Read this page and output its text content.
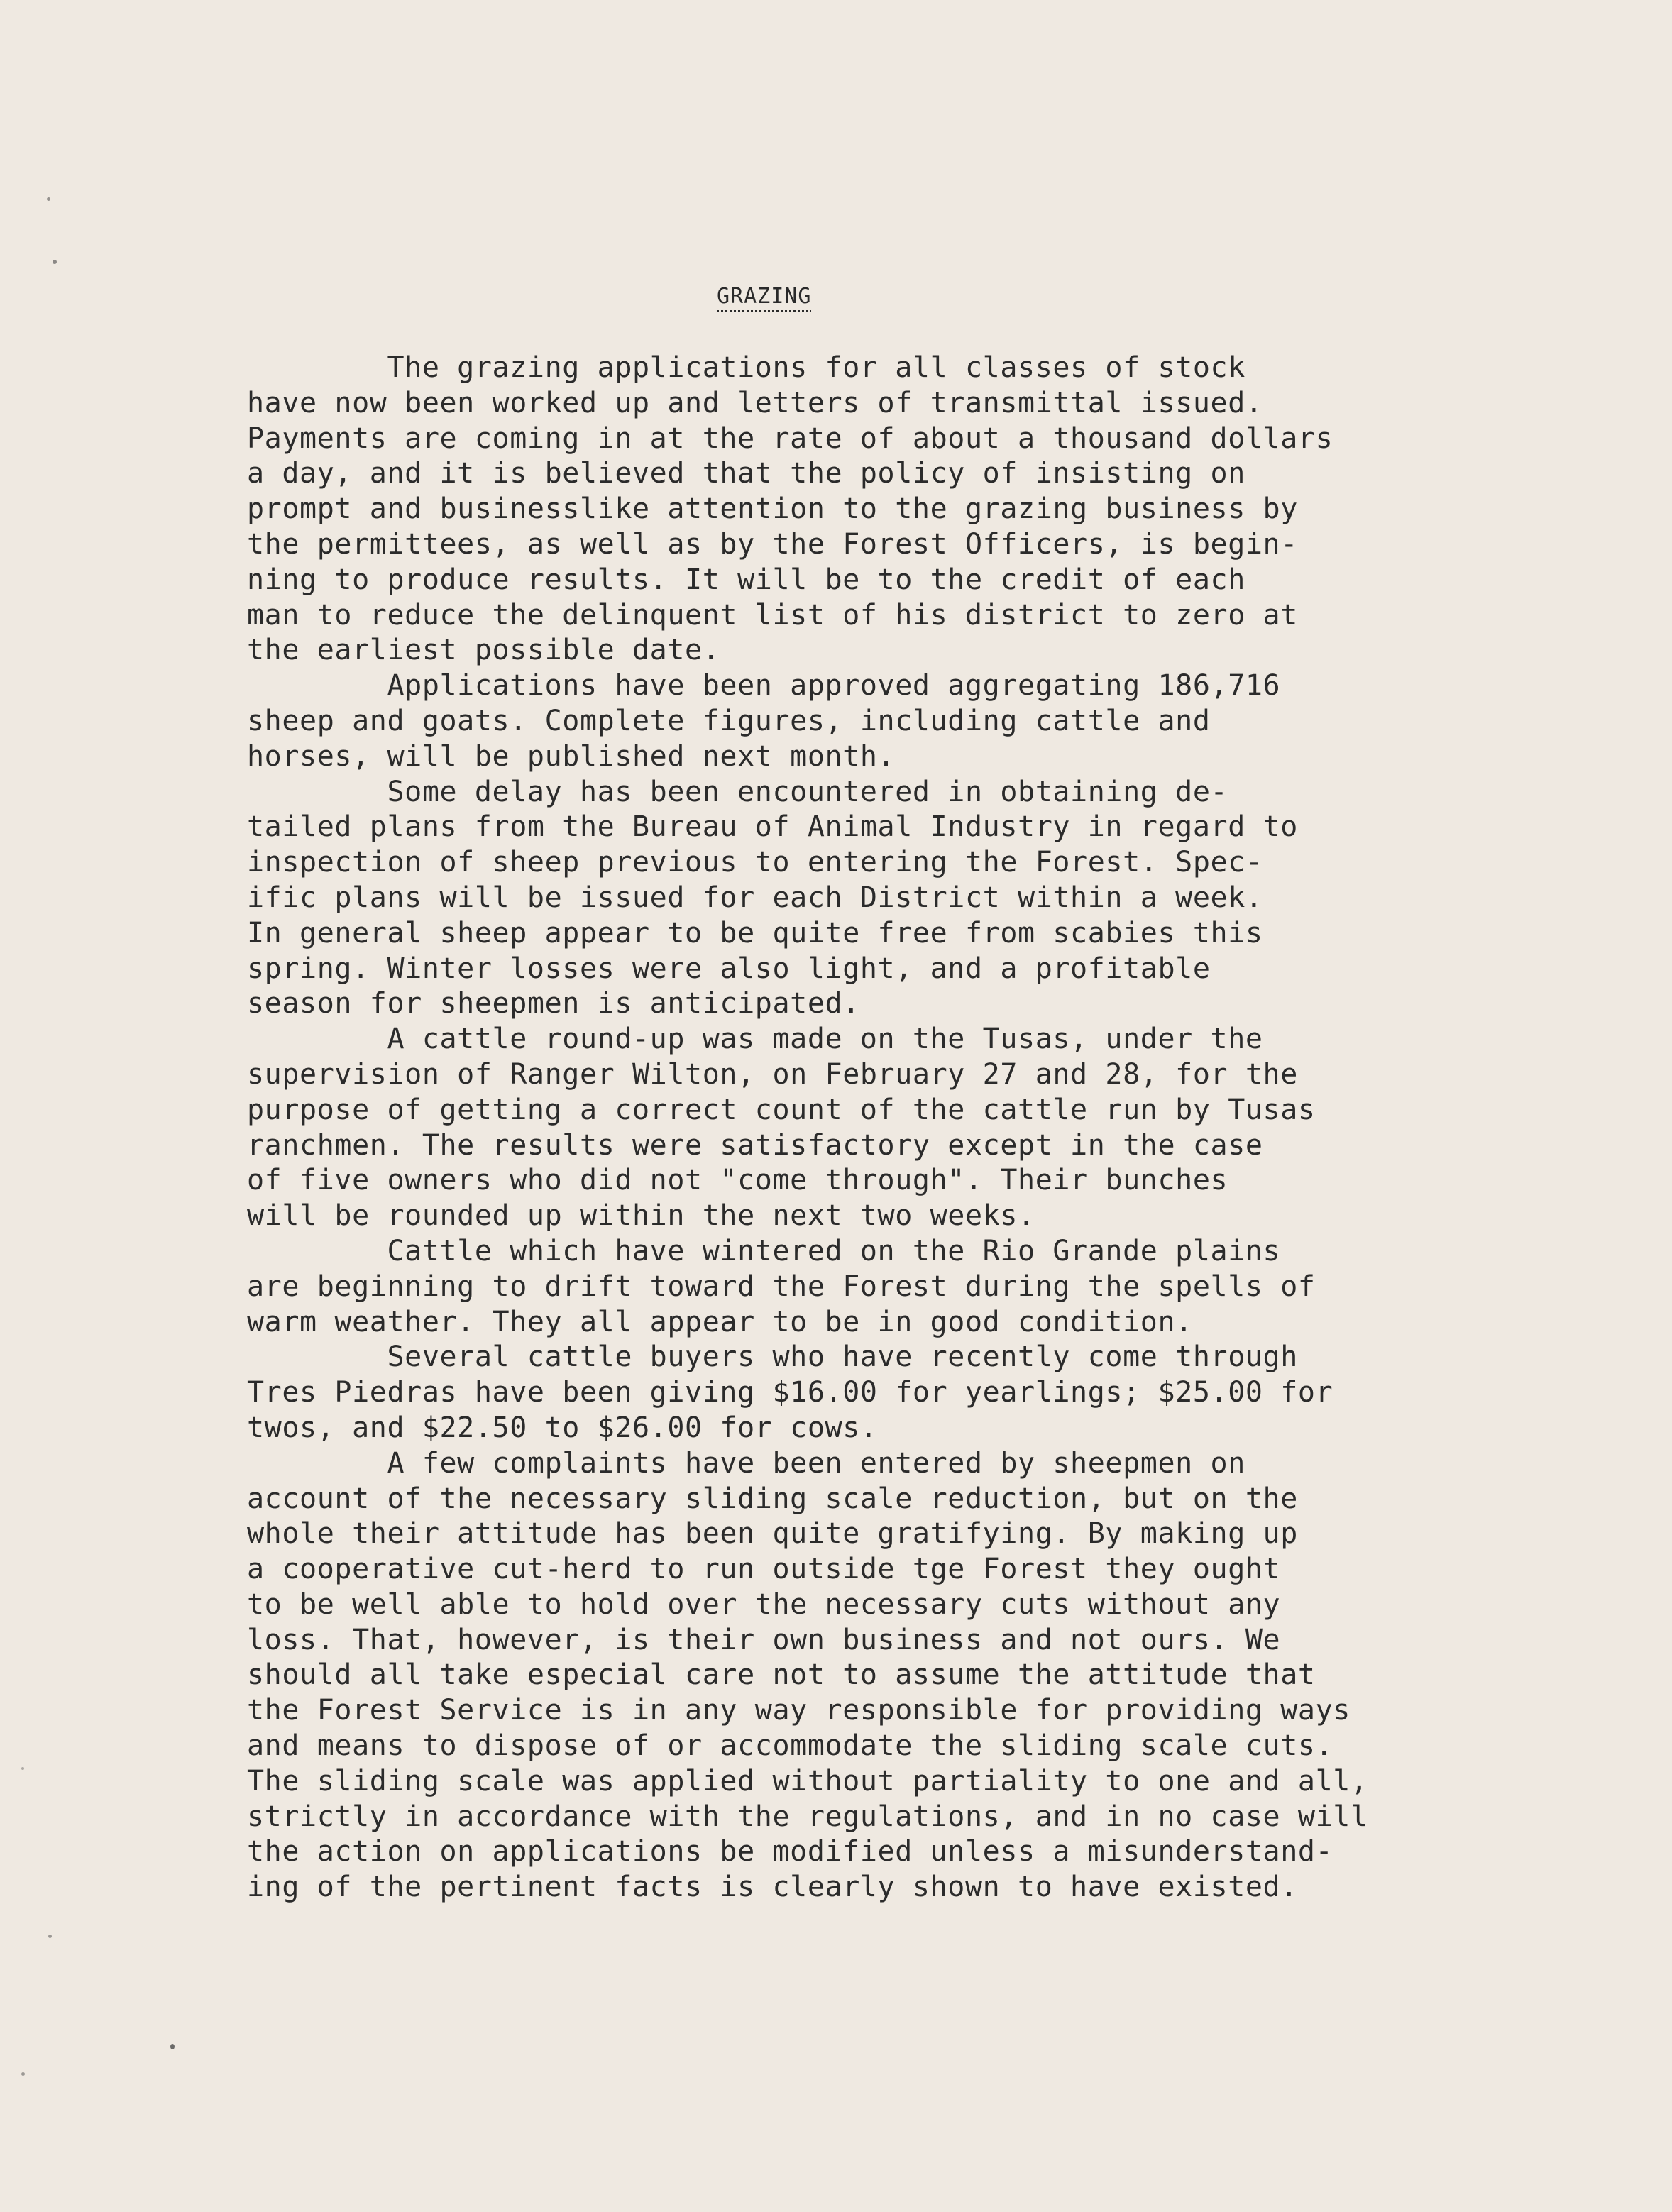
GRAZING
The grazing applications for all classes of stock
have now been worked up and letters of transmittal issued.
Payments are coming in at the rate of about a thousand dollars
a day, and it is believed that the policy of insisting on
prompt and businesslike attention to the grazing business by
the permittees, as well as by the Forest Officers, is begin-
ning to produce results. It will be to the credit of each
man to reduce the delinquent list of his district to zero at
the earliest possible date.
Applications have been approved aggregating 186,716
sheep and goats. Complete figures, including cattle and
horses, will be published next month.
Some delay has been encountered in obtaining de-
tailed plans from the Bureau of Animal Industry in regard to
inspection of sheep previous to entering the Forest. Spec-
ific plans will be issued for each District within a week.
In general sheep appear to be quite free from scabies this
spring. Winter losses were also light, and a profitable
season for sheepmen is anticipated.
A cattle round-up was made on the Tusas, under the
supervision of Ranger Wilton, on February 27 and 28, for the
purpose of getting a correct count of the cattle run by Tusas
ranchmen. The results were satisfactory except in the case
of five owners who did not "come through". Their bunches
will be rounded up within the next two weeks.
Cattle which have wintered on the Rio Grande plains
are beginning to drift toward the Forest during the spells of
warm weather. They all appear to be in good condition.
Several cattle buyers who have recently come through
Tres Piedras have been giving $16.00 for yearlings; $25.00 for
twos, and $22.50 to $26.00 for cows.
A few complaints have been entered by sheepmen on
account of the necessary sliding scale reduction, but on the
whole their attitude has been quite gratifying. By making up
a cooperative cut-herd to run outside tge Forest they ought
to be well able to hold over the necessary cuts without any
loss. That, however, is their own business and not ours. We
should all take especial care not to assume the attitude that
the Forest Service is in any way responsible for providing ways
and means to dispose of or accommodate the sliding scale cuts.
The sliding scale was applied without partiality to one and all,
strictly in accordance with the regulations, and in no case will
the action on applications be modified unless a misunderstand-
ing of the pertinent facts is clearly shown to have existed.
